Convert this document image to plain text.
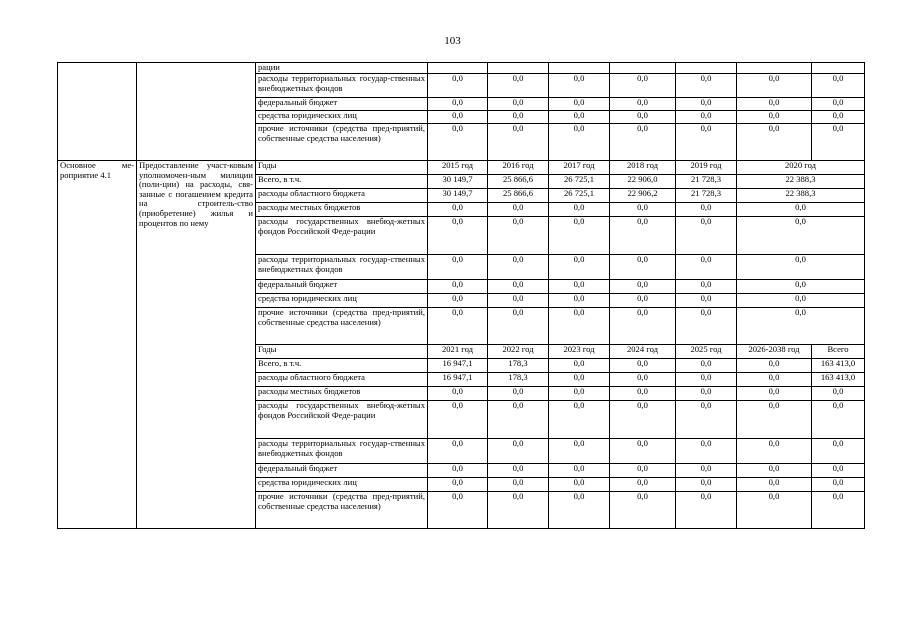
103
		рации							
		расходы территориальных государ-ственных внебюджетных фондов	0,0	0,0	0,0	0,0	0,0	0,0	0,0
		федеральный бюджет	0,0	0,0	0,0	0,0	0,0	0,0	0,0
		средства юридических лиц	0,0	0,0	0,0	0,0	0,0	0,0	0,0
		прочие источники (средства пред-приятий, собственные средства населения)	0,0	0,0	0,0	0,0	0,0	0,0	0,0
Основное ме-роприятие 4.1	Предоставление участ-ковым уполномочен-ным милиции (поли-ции) на расходы, свя-занные с погашением кредита на строитель-ство (приобретение) жилья и процентов по нему	Годы	2015 год	2016 год	2017 год	2018 год	2019 год	2020 год	
		Всего, в т.ч.	30 149,7	25 866,6	26 725,1	22 906,0	21 728,3	22 388,3	
		расходы областного бюджета	30 149,7	25 866,6	26 725,1	22 906,2	21 728,3	22 388,3	
		расходы местных бюджетов	0,0	0,0	0,0	0,0	0,0	0,0	
		расходы государственных внебюд-жетных фондов Российской Феде-рации	0,0	0,0	0,0	0,0	0,0	0,0	
		расходы территориальных государ-ственных внебюджетных фондов	0,0	0,0	0,0	0,0	0,0	0,0	
		федеральный бюджет	0,0	0,0	0,0	0,0	0,0	0,0	
		средства юридических лиц	0,0	0,0	0,0	0,0	0,0	0,0	
		прочие источники (средства пред-приятий, собственные средства населения)	0,0	0,0	0,0	0,0	0,0	0,0	
		Годы	2021 год	2022 год	2023 год	2024 год	2025 год	2026-2038 год	Всего
		Всего, в т.ч.	16 947,1	178,3	0,0	0,0	0,0	0,0	163 413,0
		расходы областного бюджета	16 947,1	178,3	0,0	0,0	0,0	0,0	163 413,0
		расходы местных бюджетов	0,0	0,0	0,0	0,0	0,0	0,0	0,0
		расходы государственных внебюд-жетных фондов Российской Феде-рации	0,0	0,0	0,0	0,0	0,0	0,0	0,0
		расходы территориальных государ-ственных внебюджетных фондов	0,0	0,0	0,0	0,0	0,0	0,0	0,0
		федеральный бюджет	0,0	0,0	0,0	0,0	0,0	0,0	0,0
		средства юридических лиц	0,0	0,0	0,0	0,0	0,0	0,0	0,0
		прочие источники (средства пред-приятий, собственные средства населения)	0,0	0,0	0,0	0,0	0,0	0,0	0,0
